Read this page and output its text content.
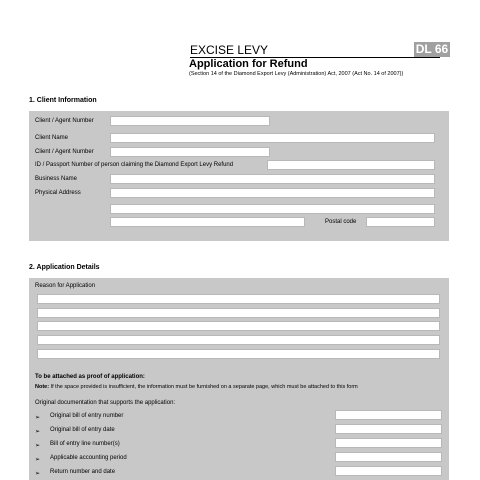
EXCISE LEVY	DL 66
Application for Refund
(Section 14 of the Diamond Export Levy (Administration) Act, 2007 (Act No. 14 of 2007))
1. Client Information
Client / Agent Number
Client Name
Client / Agent Number
ID / Passport Number of person claiming the Diamond Export Levy Refund
Business Name
Physical Address
Postal code
2. Application Details
Reason for Application
To be attached as proof of application:
Note: If the space provided is insufficient, the information must be furnished on a separate page, which must be attached to this form
Original documentation that supports the application:
➢ Original bill of entry number
➢ Original bill of entry date
➢ Bill of entry line number(s)
➢ Applicable accounting period
➢ Return number and date
